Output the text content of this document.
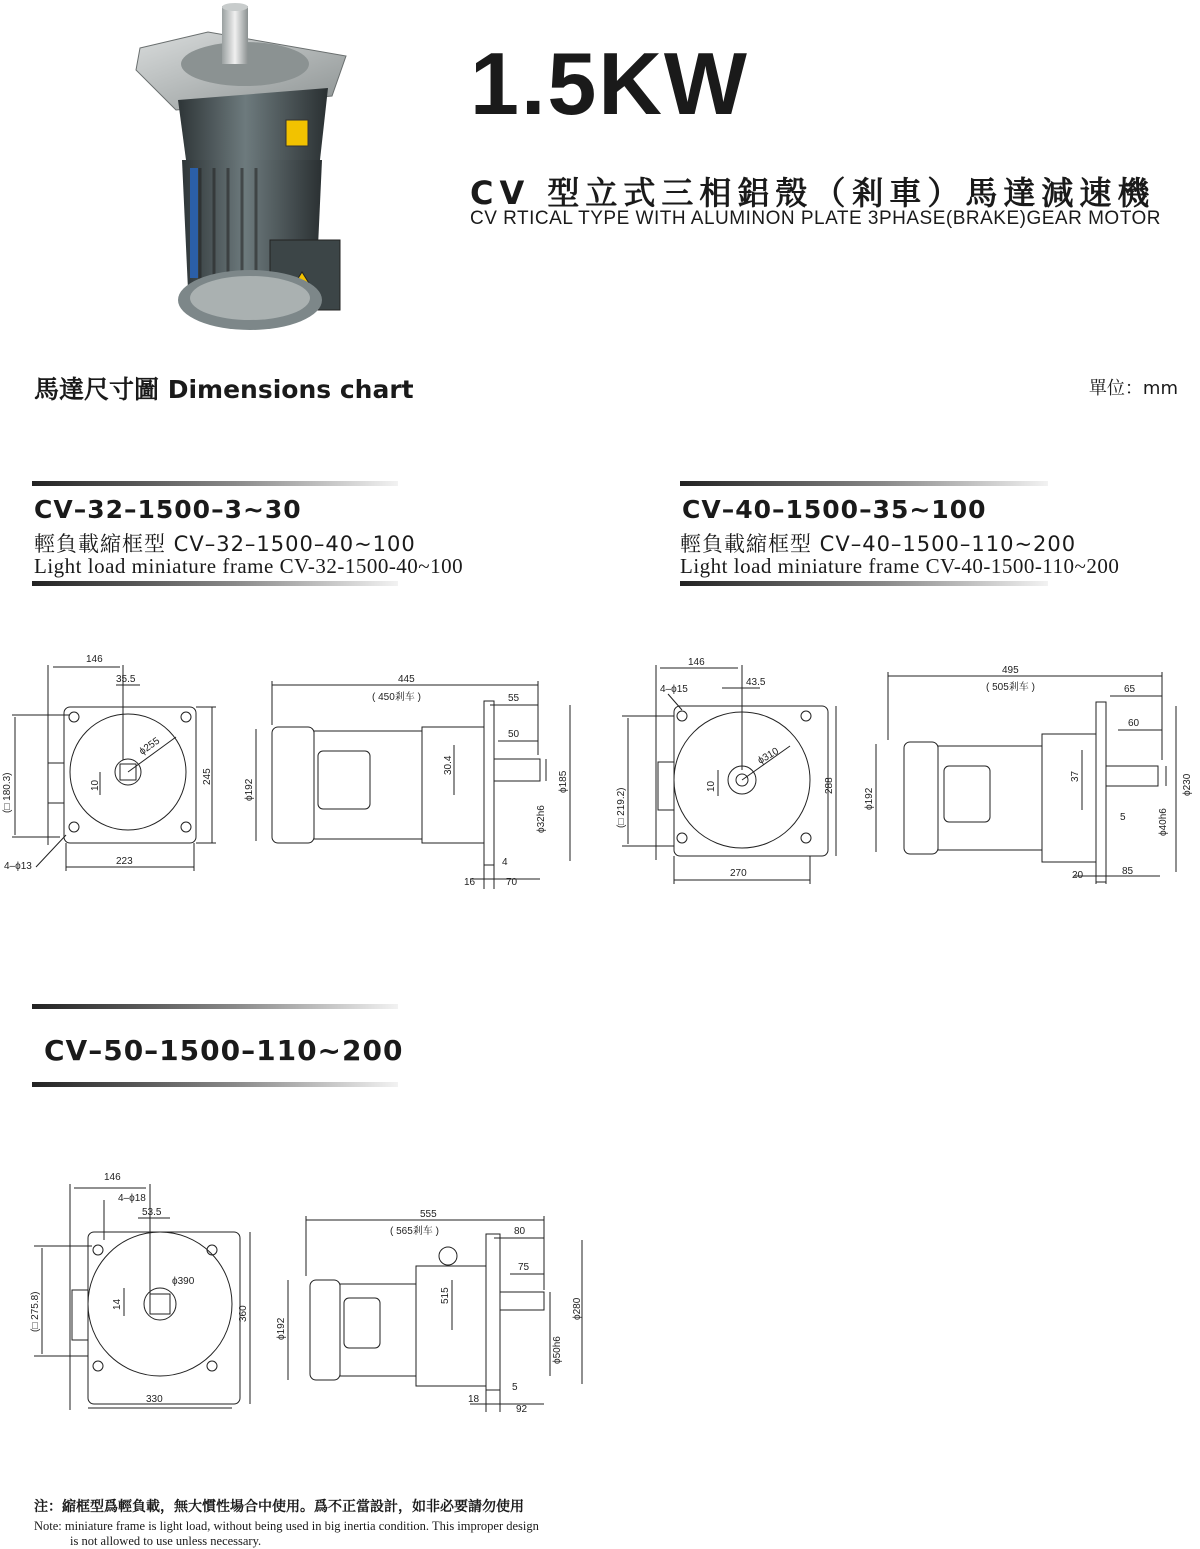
1.5KW
CV 型立式三相鋁殼（剎車）馬達減速機
CV RTICAL TYPE WITH ALUMINON PLATE 3PHASE(BRAKE)GEAR MOTOR
馬達尺寸圖 Dimensions chart	單位：mm
CV–32–1500–3~30
輕負載縮框型 CV–32–1500–40~100
Light load miniature frame CV-32-1500-40~100
CV–40–1500–35~100
輕負載縮框型 CV–40–1500–110~200
Light load miniature frame CV-40-1500-110~200
CV–50–1500–110~200
146
35.5
4–ϕ13
(□ 180.3)	10
ϕ255
245
223
445
( 450剎车 )	55
50
30.4
ϕ192	ϕ185
ϕ32h6
4
16	70
146
43.5
4–ϕ15
(□ 219.2)
10
ϕ310
288
270
495
( 505剎车 )	65
60
37
ϕ192
ϕ230
ϕ40h6
5
20	85
146
4–ϕ18
53.5
(□ 275.8)	14
ϕ390
360
330
555
( 565剎车 )	80
75
515
ϕ192
ϕ280
ϕ50h6
5
18
92
注：縮框型爲輕負載，無大慣性場合中使用。爲不正當設計，如非必要請勿使用
Note: miniature frame is light load, without being used in big inertia condition. This improper design
is not allowed to use unless necessary.
